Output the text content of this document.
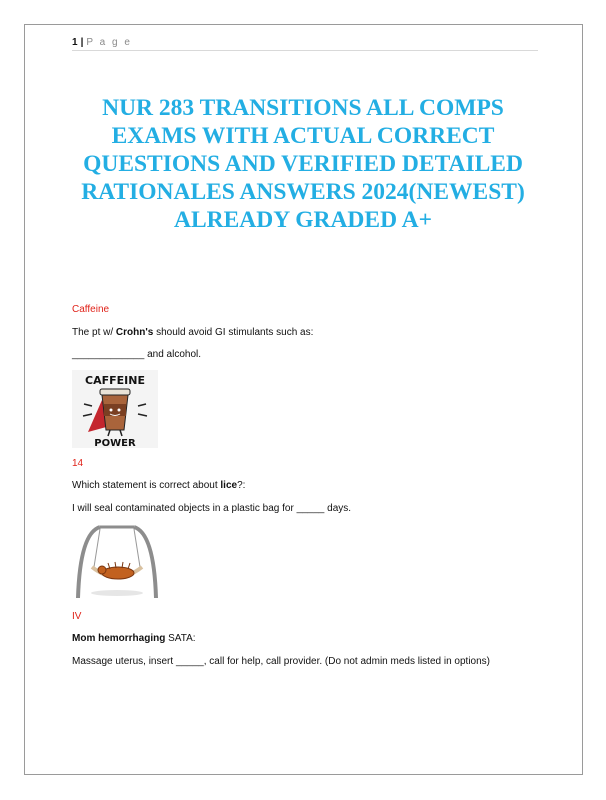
1 | P a g e
NUR 283 TRANSITIONS ALL COMPS EXAMS WITH ACTUAL CORRECT QUESTIONS AND VERIFIED DETAILED RATIONALES ANSWERS 2024(NEWEST) ALREADY GRADED A+
Caffeine
The pt w/ Crohn's should avoid GI stimulants such as:
_____________ and alcohol.
CAFFEINE
POWER
14
Which statement is correct about lice?:
I will seal contaminated objects in a plastic bag for _____ days.
IV
Mom hemorrhaging SATA:
Massage uterus, insert _____, call for help, call provider. (Do not admin meds listed in options)
